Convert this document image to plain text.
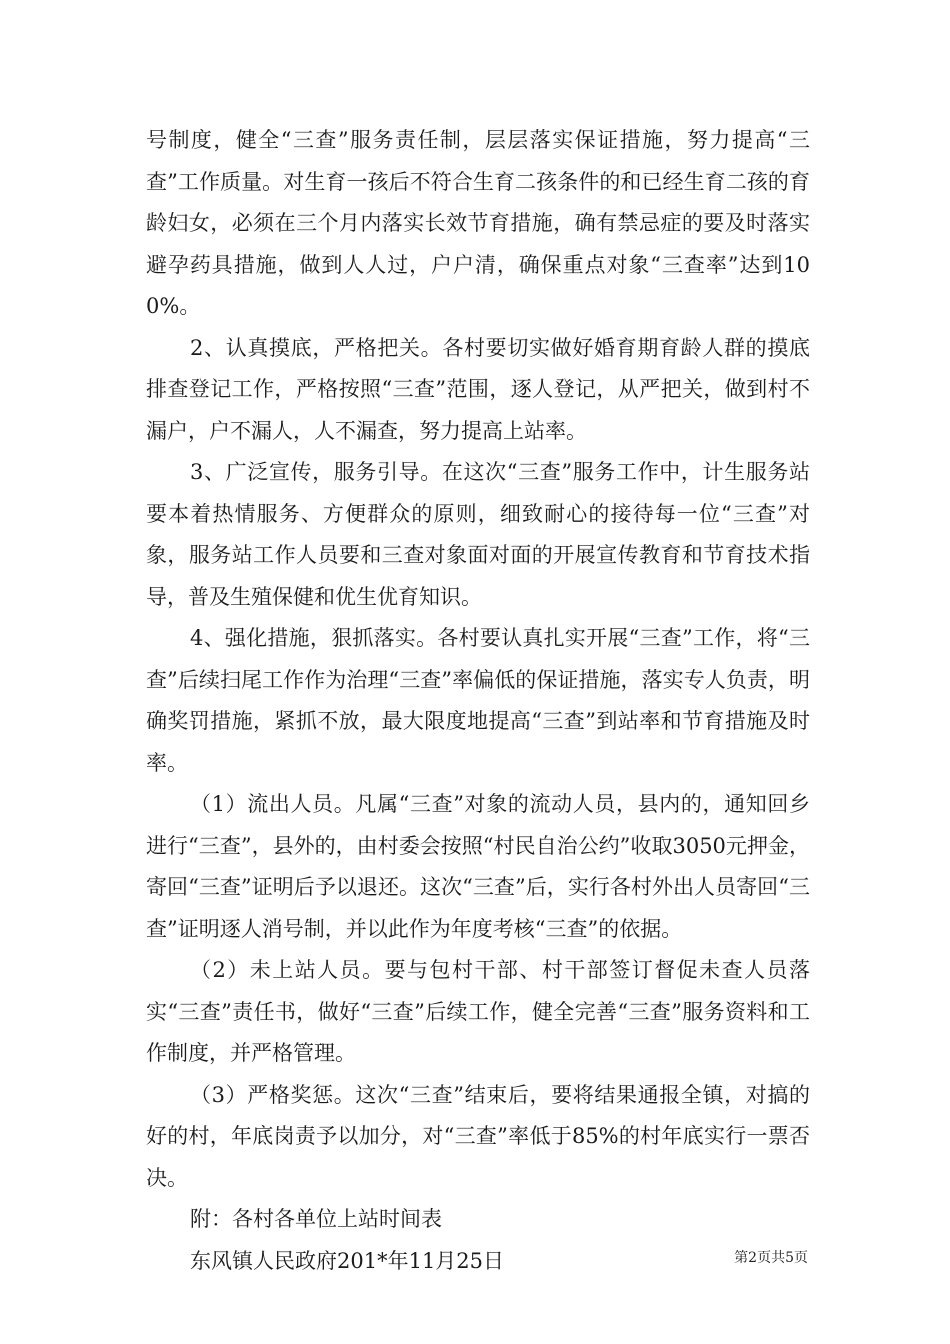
号制度，健全“三查”服务责任制，层层落实保证措施，努力提高“三查”工作质量。对生育一孩后不符合生育二孩条件的和已经生育二孩的育龄妇女，必须在三个月内落实长效节育措施，确有禁忌症的要及时落实避孕药具措施，做到人人过，户户清，确保重点对象“三查率”达到100%。

2、认真摸底，严格把关。各村要切实做好婚育期育龄人群的摸底排查登记工作，严格按照“三查”范围，逐人登记，从严把关，做到村不漏户，户不漏人，人不漏查，努力提高上站率。

3、广泛宣传，服务引导。在这次“三查”服务工作中，计生服务站要本着热情服务、方便群众的原则，细致耐心的接待每一位“三查”对象，服务站工作人员要和三查对象面对面的开展宣传教育和节育技术指导，普及生殖保健和优生优育知识。

4、强化措施，狠抓落实。各村要认真扎实开展“三查”工作，将“三查”后续扫尾工作作为治理“三查”率偏低的保证措施，落实专人负责，明确奖罚措施，紧抓不放，最大限度地提高“三查”到站率和节育措施及时率。

（1）流出人员。凡属“三查”对象的流动人员，县内的，通知回乡进行“三查”，县外的，由村委会按照“村民自治公约”收取3050元押金，寄回“三查”证明后予以退还。这次“三查”后，实行各村外出人员寄回“三查”证明逐人消号制，并以此作为年度考核“三查”的依据。

（2）未上站人员。要与包村干部、村干部签订督促未查人员落实“三查”责任书，做好“三查”后续工作，健全完善“三查”服务资料和工作制度，并严格管理。

（3）严格奖惩。这次“三查”结束后，要将结果通报全镇，对搞的好的村，年底岗责予以加分，对“三查”率低于85%的村年底实行一票否决。

附：各村各单位上站时间表

东风镇人民政府201*年11月25日	第2页共5页
